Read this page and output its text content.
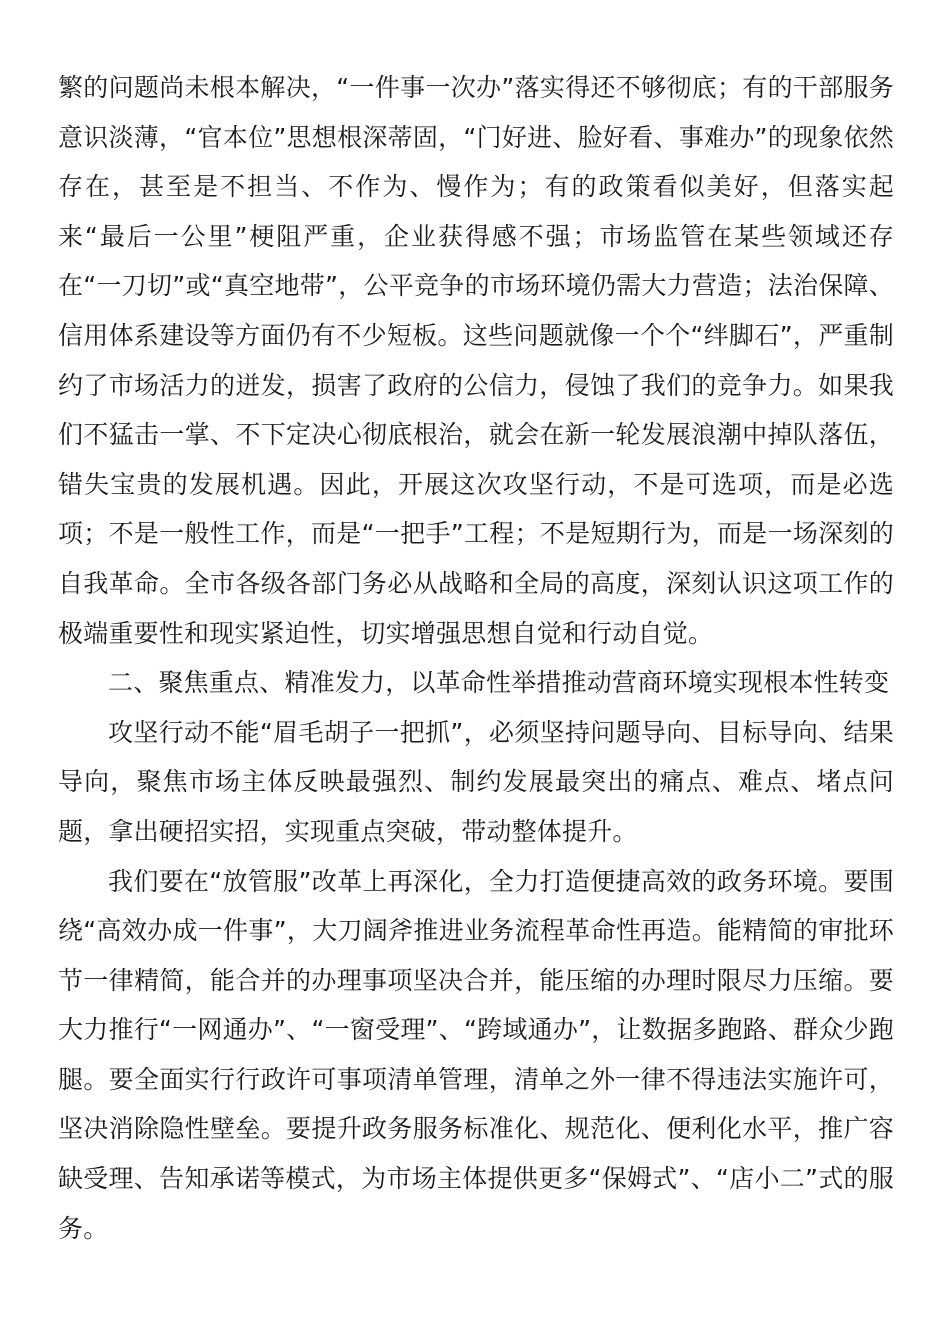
繁的问题尚未根本解决，“一件事一次办”落实得还不够彻底；有的干部服务意识淡薄，“官本位”思想根深蒂固，“门好进、脸好看、事难办”的现象依然存在，甚至是不担当、不作为、慢作为；有的政策看似美好，但落实起来“最后一公里”梗阻严重，企业获得感不强；市场监管在某些领域还存在“一刀切”或“真空地带”，公平竞争的市场环境仍需大力营造；法治保障、信用体系建设等方面仍有不少短板。这些问题就像一个个“绊脚石”，严重制约了市场活力的迸发，损害了政府的公信力，侵蚀了我们的竞争力。如果我们不猛击一掌、不下定决心彻底根治，就会在新一轮发展浪潮中掉队落伍，错失宝贵的发展机遇。因此，开展这次攻坚行动，不是可选项，而是必选项；不是一般性工作，而是“一把手”工程；不是短期行为，而是一场深刻的自我革命。全市各级各部门务必从战略和全局的高度，深刻认识这项工作的极端重要性和现实紧迫性，切实增强思想自觉和行动自觉。

二、聚焦重点、精准发力，以革命性举措推动营商环境实现根本性转变

攻坚行动不能“眉毛胡子一把抓”，必须坚持问题导向、目标导向、结果导向，聚焦市场主体反映最强烈、制约发展最突出的痛点、难点、堵点问题，拿出硬招实招，实现重点突破，带动整体提升。

我们要在“放管服”改革上再深化，全力打造便捷高效的政务环境。要围绕“高效办成一件事”，大刀阔斧推进业务流程革命性再造。能精简的审批环节一律精简，能合并的办理事项坚决合并，能压缩的办理时限尽力压缩。要大力推行“一网通办”、“一窗受理”、“跨域通办”，让数据多跑路、群众少跑腿。要全面实行行政许可事项清单管理，清单之外一律不得违法实施许可，坚决消除隐性壁垒。要提升政务服务标准化、规范化、便利化水平，推广容缺受理、告知承诺等模式，为市场主体提供更多“保姆式”、“店小二”式的服务。
